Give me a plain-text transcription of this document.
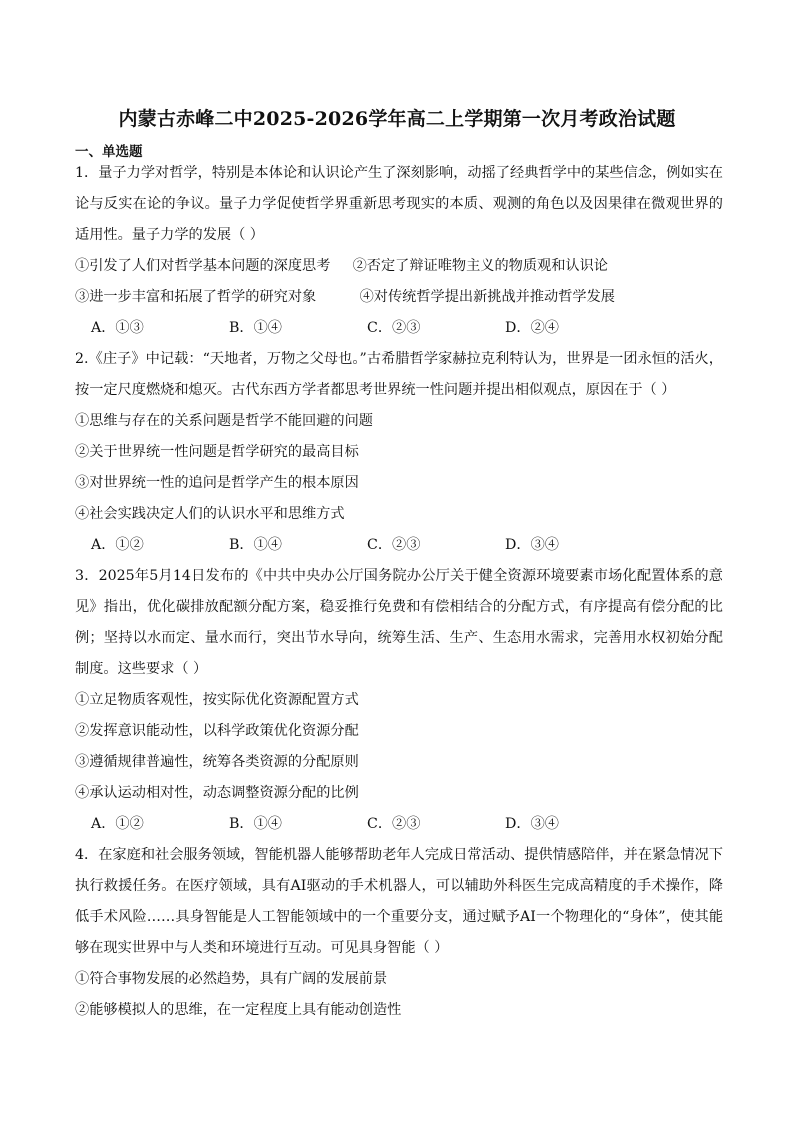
内蒙古赤峰二中2025-2026学年高二上学期第一次月考政治试题
一、单选题
1．量子力学对哲学，特别是本体论和认识论产生了深刻影响，动摇了经典哲学中的某些信念，例如实在论与反实在论的争议。量子力学促使哲学界重新思考现实的本质、观测的角色以及因果律在微观世界的适用性。量子力学的发展（ ）
①引发了人们对哲学基本问题的深度思考 ②否定了辩证唯物主义的物质观和认识论
③进一步丰富和拓展了哲学的研究对象	④对传统哲学提出新挑战并推动哲学发展
A．①③	B．①④	C．②③	D．②④
2.《庄子》中记载：“天地者，万物之父母也。”古希腊哲学家赫拉克利特认为，世界是一团永恒的活火，按一定尺度燃烧和熄灭。古代东西方学者都思考世界统一性问题并提出相似观点，原因在于（ ）
①思维与存在的关系问题是哲学不能回避的问题
②关于世界统一性问题是哲学研究的最高目标
③对世界统一性的追问是哲学产生的根本原因
④社会实践决定人们的认识水平和思维方式
A．①②	B．①④	C．②③	D．③④
3．2025年5月14日发布的《中共中央办公厅国务院办公厅关于健全资源环境要素市场化配置体系的意见》指出，优化碳排放配额分配方案，稳妥推行免费和有偿相结合的分配方式，有序提高有偿分配的比例；坚持以水而定、量水而行，突出节水导向，统筹生活、生产、生态用水需求，完善用水权初始分配制度。这些要求（ ）
①立足物质客观性，按实际优化资源配置方式
②发挥意识能动性，以科学政策优化资源分配
③遵循规律普遍性，统筹各类资源的分配原则
④承认运动相对性，动态调整资源分配的比例
A．①②	B．①④	C．②③	D．③④
4．在家庭和社会服务领域，智能机器人能够帮助老年人完成日常活动、提供情感陪伴，并在紧急情况下执行救援任务。在医疗领域，具有AI驱动的手术机器人，可以辅助外科医生完成高精度的手术操作，降低手术风险……具身智能是人工智能领域中的一个重要分支，通过赋予AI一个物理化的“身体”，使其能够在现实世界中与人类和环境进行互动。可见具身智能（ ）
①符合事物发展的必然趋势，具有广阔的发展前景
②能够模拟人的思维，在一定程度上具有能动创造性
